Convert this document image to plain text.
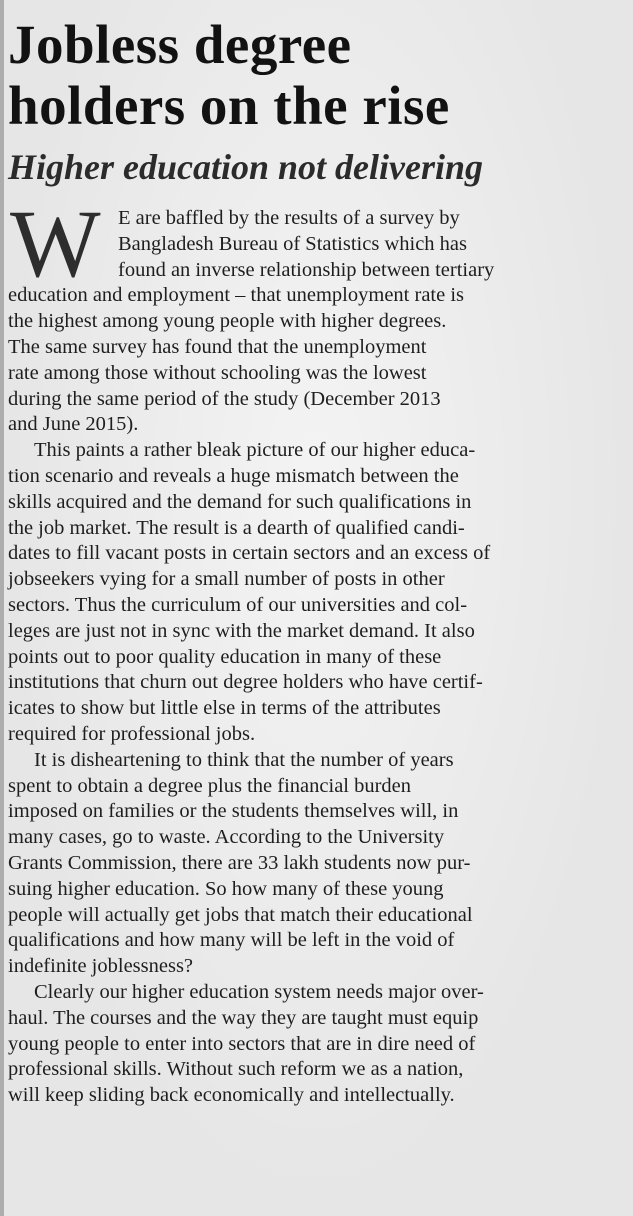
Jobless degree
holders on the rise
Higher education not delivering
W E are baffled by the results of a survey by
Bangladesh Bureau of Statistics which has
found an inverse relationship between tertiary
education and employment – that unemployment rate is
the highest among young people with higher degrees.
The same survey has found that the unemployment
rate among those without schooling was the lowest
during the same period of the study (December 2013
and June 2015).
This paints a rather bleak picture of our higher educa-
tion scenario and reveals a huge mismatch between the
skills acquired and the demand for such qualifications in
the job market. The result is a dearth of qualified candi-
dates to fill vacant posts in certain sectors and an excess of
jobseekers vying for a small number of posts in other
sectors. Thus the curriculum of our universities and col-
leges are just not in sync with the market demand. It also
points out to poor quality education in many of these
institutions that churn out degree holders who have certif-
icates to show but little else in terms of the attributes
required for professional jobs.
It is disheartening to think that the number of years
spent to obtain a degree plus the financial burden
imposed on families or the students themselves will, in
many cases, go to waste. According to the University
Grants Commission, there are 33 lakh students now pur-
suing higher education. So how many of these young
people will actually get jobs that match their educational
qualifications and how many will be left in the void of
indefinite joblessness?
Clearly our higher education system needs major over-
haul. The courses and the way they are taught must equip
young people to enter into sectors that are in dire need of
professional skills. Without such reform we as a nation,
will keep sliding back economically and intellectually.
